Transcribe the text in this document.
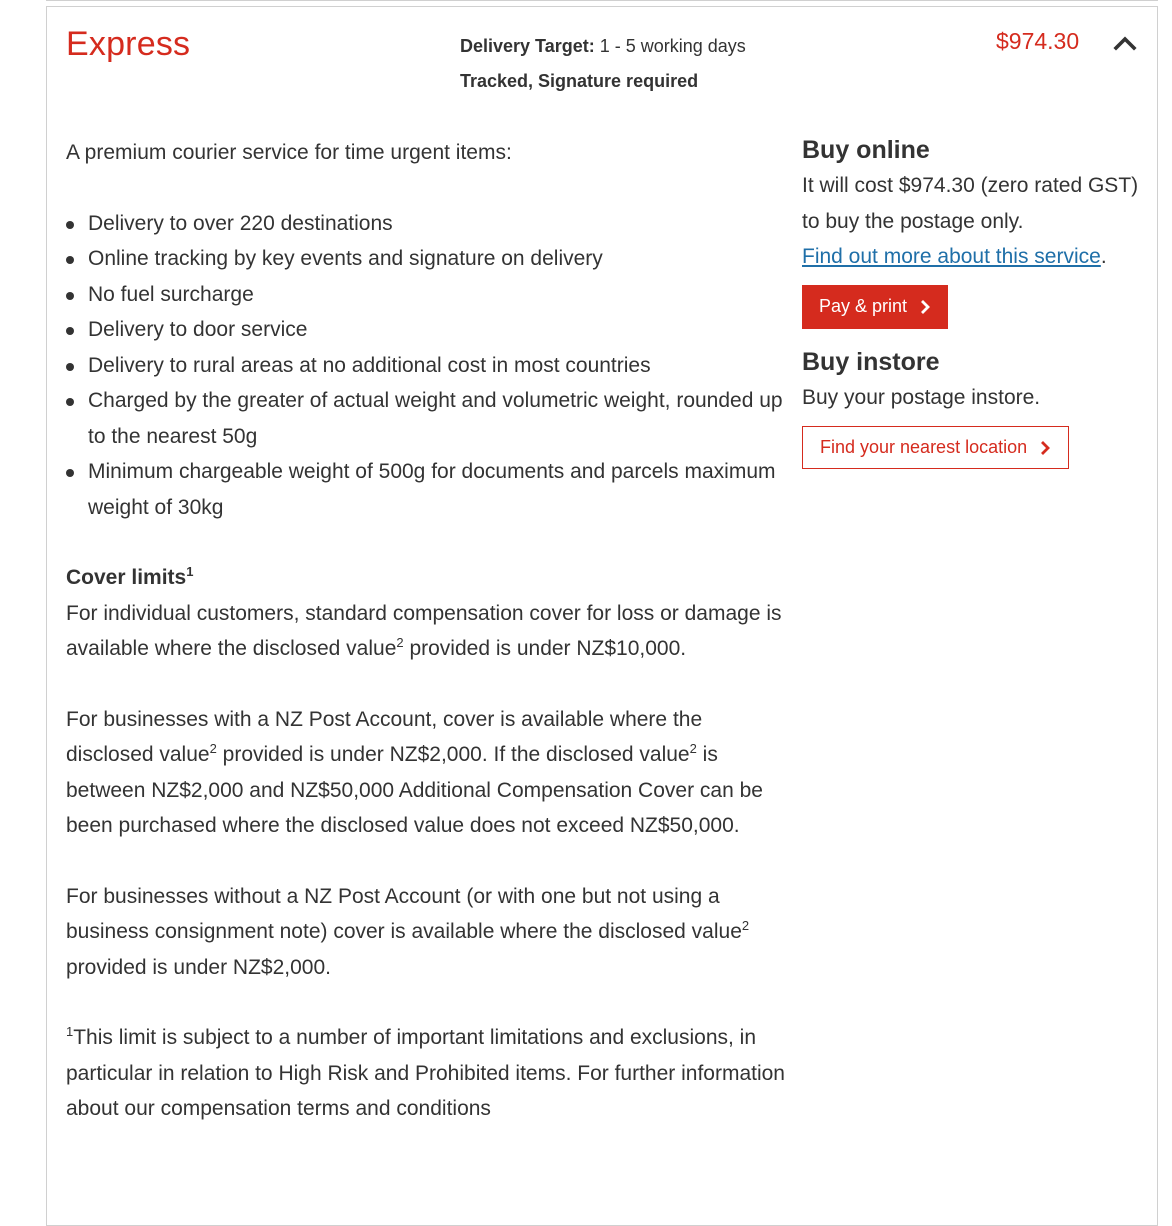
Express	Delivery Target: 1 - 5 working days
Tracked, Signature required
$974.30

A premium courier service for time urgent items:

Delivery to over 220 destinations
Online tracking by key events and signature on delivery
No fuel surcharge
Delivery to door service
Delivery to rural areas at no additional cost in most countries
Charged by the greater of actual weight and volumetric weight, rounded up to the nearest 50g
Minimum chargeable weight of 500g for documents and parcels maximum weight of 30kg

Cover limits$^1$

For individual customers, standard compensation cover for loss or damage is available where the disclosed value$^2$ provided is under NZ$10,000.

For businesses with a NZ Post Account, cover is available where the disclosed value$^2$ provided is under NZ$2,000. If the disclosed value$^2$ is between NZ$2,000 and NZ$50,000 Additional Compensation Cover can be been purchased where the disclosed value does not exceed NZ$50,000.

For businesses without a NZ Post Account (or with one but not using a business consignment note) cover is available where the disclosed value$^2$ provided is under NZ$2,000.

$^1$This limit is subject to a number of important limitations and exclusions, in particular in relation to High Risk and Prohibited items. For further information about our compensation terms and conditions

Buy online
It will cost $974.30 (zero rated GST) to buy the postage only.
Find out more about this service.
Pay & print
Buy instore
Buy your postage instore.
Find your nearest location
